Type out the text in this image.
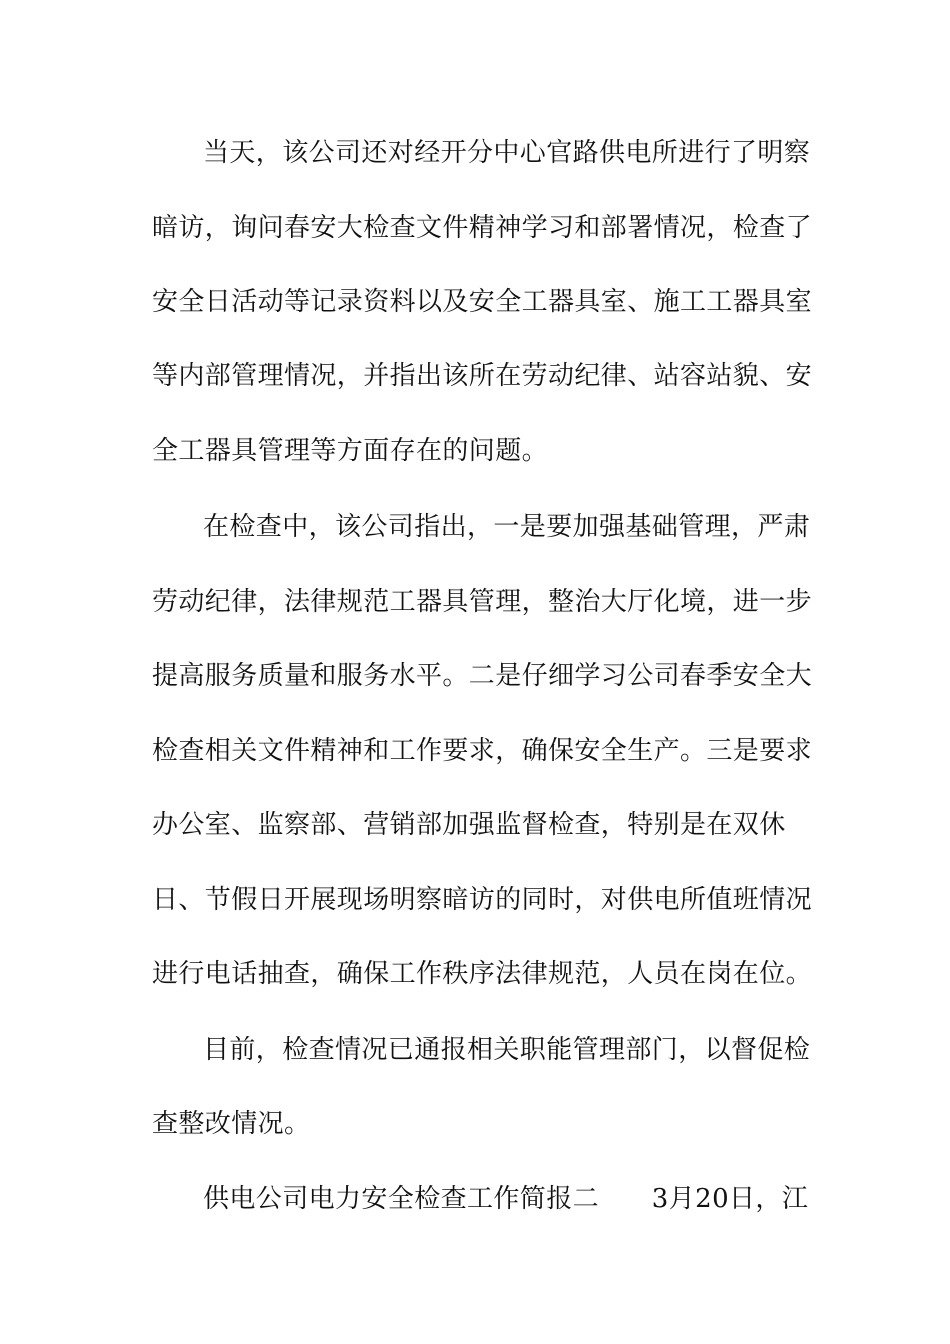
当天，该公司还对经开分中心官路供电所进行了明察

暗访，询问春安大检查文件精神学习和部署情况，检查了

安全日活动等记录资料以及安全工器具室、施工工器具室

等内部管理情况，并指出该所在劳动纪律、站容站貌、安

全工器具管理等方面存在的问题。

在检查中，该公司指出，一是要加强基础管理，严肃

劳动纪律，法律规范工器具管理，整治大厅化境，进一步

提高服务质量和服务水平。二是仔细学习公司春季安全大

检查相关文件精神和工作要求，确保安全生产。三是要求

办公室、监察部、营销部加强监督检查，特别是在双休

日、节假日开展现场明察暗访的同时，对供电所值班情况

进行电话抽查，确保工作秩序法律规范，人员在岗在位。

目前，检查情况已通报相关职能管理部门，以督促检

查整改情况。

供电公司电力安全检查工作简报二　　3月20日，江
